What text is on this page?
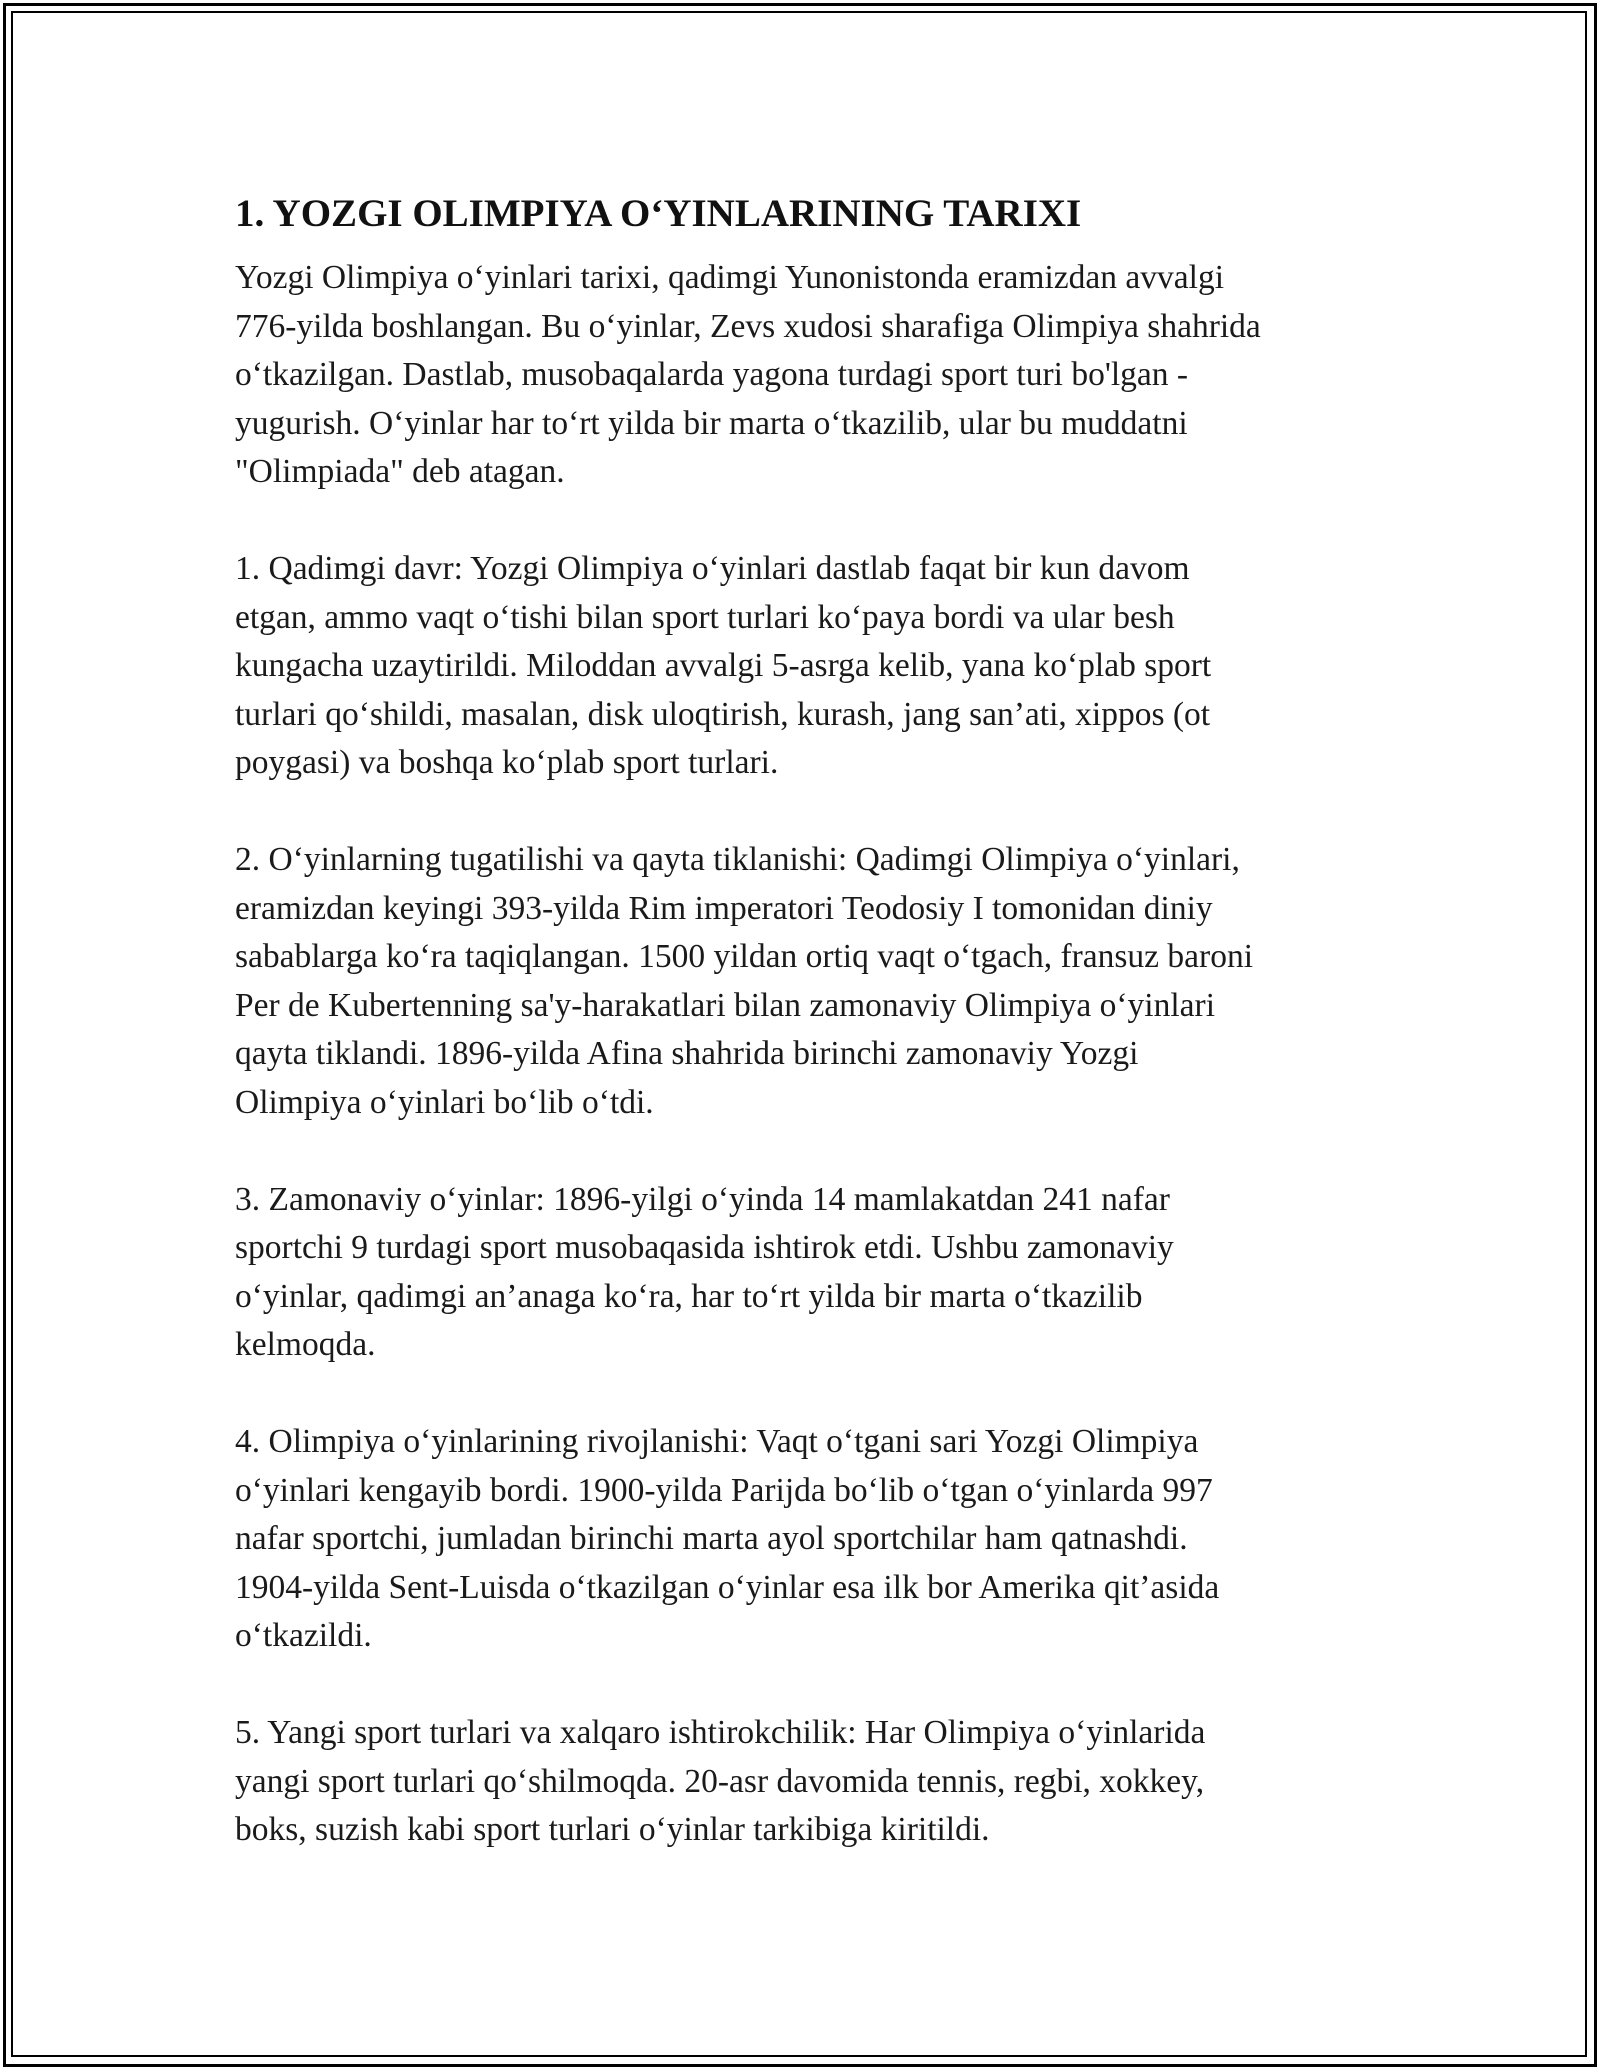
1. YOZGI OLIMPIYA O‘YINLARINING TARIXI
Yozgi Olimpiya o‘yinlari tarixi, qadimgi Yunonistonda eramizdan avvalgi
776-yilda boshlangan. Bu o‘yinlar, Zevs xudosi sharafiga Olimpiya shahrida
o‘tkazilgan. Dastlab, musobaqalarda yagona turdagi sport turi bo'lgan -
yugurish. O‘yinlar har to‘rt yilda bir marta o‘tkazilib, ular bu muddatni
"Olimpiada" deb atagan.
1. Qadimgi davr: Yozgi Olimpiya o‘yinlari dastlab faqat bir kun davom
etgan, ammo vaqt o‘tishi bilan sport turlari ko‘paya bordi va ular besh
kungacha uzaytirildi. Miloddan avvalgi 5-asrga kelib, yana ko‘plab sport
turlari qo‘shildi, masalan, disk uloqtirish, kurash, jang san’ati, xippos (ot
poygasi) va boshqa ko‘plab sport turlari.
2. O‘yinlarning tugatilishi va qayta tiklanishi: Qadimgi Olimpiya o‘yinlari,
eramizdan keyingi 393-yilda Rim imperatori Teodosiy I tomonidan diniy
sabablarga ko‘ra taqiqlangan. 1500 yildan ortiq vaqt o‘tgach, fransuz baroni
Per de Kubertenning sa'y-harakatlari bilan zamonaviy Olimpiya o‘yinlari
qayta tiklandi. 1896-yilda Afina shahrida birinchi zamonaviy Yozgi
Olimpiya o‘yinlari bo‘lib o‘tdi.
3. Zamonaviy o‘yinlar: 1896-yilgi o‘yinda 14 mamlakatdan 241 nafar
sportchi 9 turdagi sport musobaqasida ishtirok etdi. Ushbu zamonaviy
o‘yinlar, qadimgi an’anaga ko‘ra, har to‘rt yilda bir marta o‘tkazilib
kelmoqda.
4. Olimpiya o‘yinlarining rivojlanishi: Vaqt o‘tgani sari Yozgi Olimpiya
o‘yinlari kengayib bordi. 1900-yilda Parijda bo‘lib o‘tgan o‘yinlarda 997
nafar sportchi, jumladan birinchi marta ayol sportchilar ham qatnashdi.
1904-yilda Sent-Luisda o‘tkazilgan o‘yinlar esa ilk bor Amerika qit’asida
o‘tkazildi.
5. Yangi sport turlari va xalqaro ishtirokchilik: Har Olimpiya o‘yinlarida
yangi sport turlari qo‘shilmoqda. 20-asr davomida tennis, regbi, xokkey,
boks, suzish kabi sport turlari o‘yinlar tarkibiga kiritildi.
